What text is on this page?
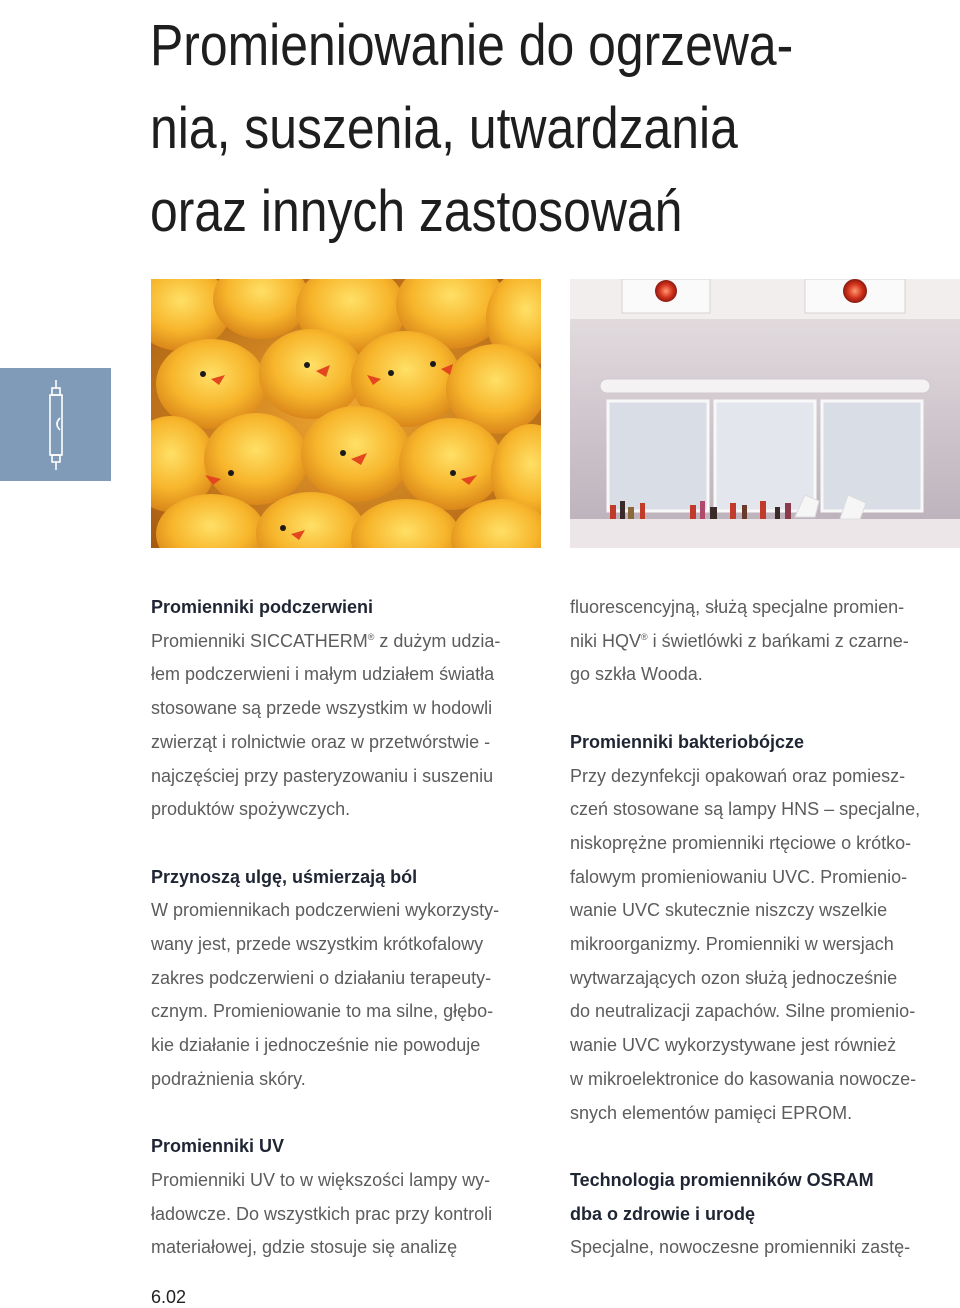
Promieniowanie do ogrzewa-
nia, suszenia, utwardzania
oraz innych zastosowań
Promienniki podczerwieni
Promienniki SICCATHERM® z dużym udzia-
łem podczerwieni i małym udziałem światła
stosowane są przede wszystkim w hodowli
zwierząt i rolnictwie oraz w przetwórstwie -
najczęściej przy pasteryzowaniu i suszeniu
produktów spożywczych.
Przynoszą ulgę, uśmierzają ból
W promiennikach podczerwieni wykorzysty-
wany jest, przede wszystkim krótkofalowy
zakres podczerwieni o działaniu terapeuty-
cznym. Promieniowanie to ma silne, głębo-
kie działanie i jednocześnie nie powoduje
podrażnienia skóry.
Promienniki UV
Promienniki UV to w większości lampy wy-
ładowcze. Do wszystkich prac przy kontroli
materiałowej, gdzie stosuje się analizę
fluorescencyjną, służą specjalne promien-
niki HQV® i świetlówki z bańkami z czarne-
go szkła Wooda.
Promienniki bakteriobójcze
Przy dezynfekcji opakowań oraz pomiesz-
czeń stosowane są lampy HNS – specjalne,
niskoprężne promienniki rtęciowe o krótko-
falowym promieniowaniu UVC. Promienio-
wanie UVC skutecznie niszczy wszelkie
mikroorganizmy. Promienniki w wersjach
wytwarzających ozon służą jednocześnie
do neutralizacji zapachów. Silne promienio-
wanie UVC wykorzystywane jest również
w mikroelektronice do kasowania nowocze-
snych elementów pamięci EPROM.
Technologia promienników OSRAM
dba o zdrowie i urodę
Specjalne, nowoczesne promienniki zastę-
6.02
